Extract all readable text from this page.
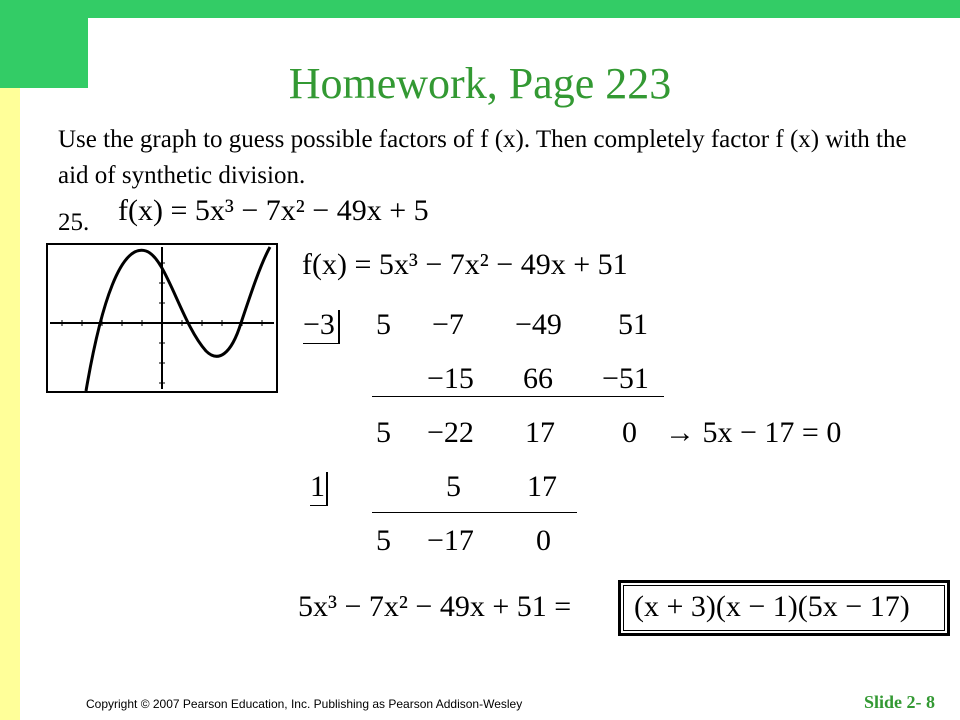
Homework, Page 223
Use the graph to guess possible factors of f (x). Then completely factor f (x) with the aid of synthetic division.
25. f(x) = 5x³ − 7x² − 49x + 5
f(x) = 5x³ − 7x² − 49x + 51
−3 5 −7 −49 51
−15 66 −51
5 −22 17 0 → 5x − 17 = 0
1	5 17
5 −17 0
5x³ − 7x² − 49x + 51 = (x + 3)(x − 1)(5x − 17)
Copyright © 2007 Pearson Education, Inc. Publishing as Pearson Addison-Wesley	Slide 2- 8
